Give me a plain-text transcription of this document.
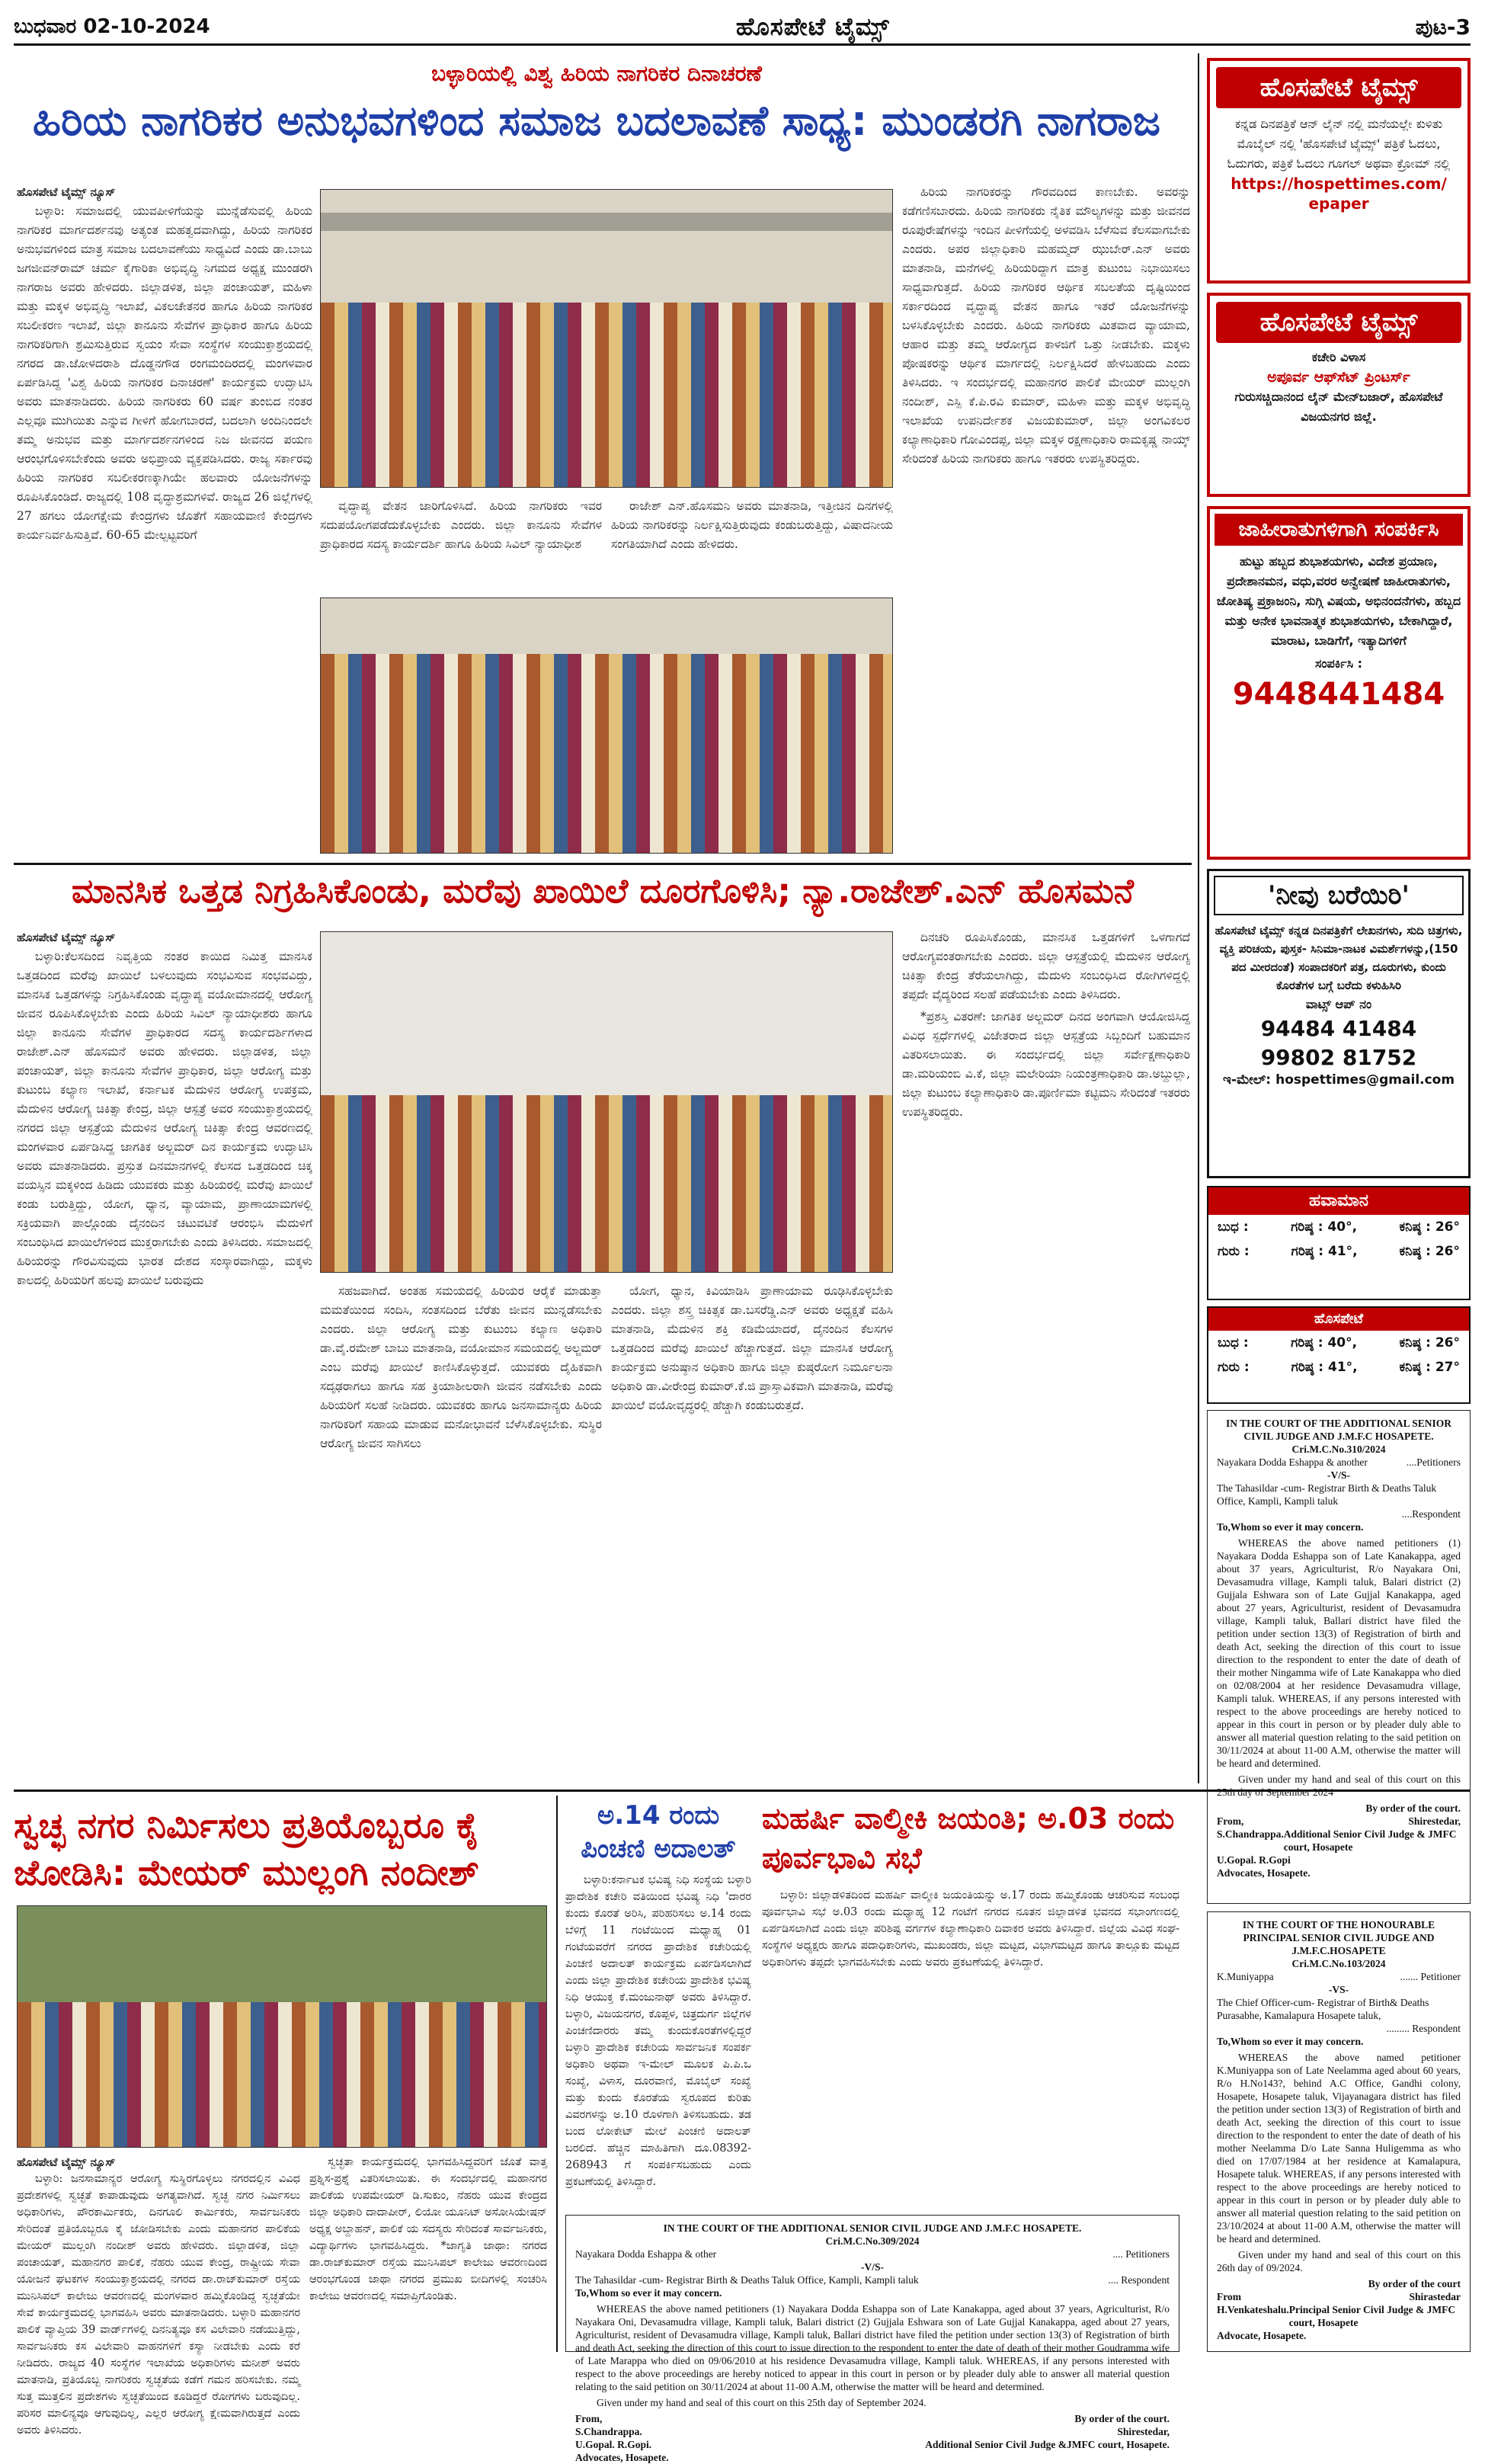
ಬುಧವಾರ 02-10-2024	ಹೊಸಪೇಟೆ ಟೈಮ್ಸ್	ಪುಟ-3
ಬಳ್ಳಾರಿಯಲ್ಲಿ ವಿಶ್ವ ಹಿರಿಯ ನಾಗರಿಕರ ದಿನಾಚರಣೆ
ಹಿರಿಯ ನಾಗರಿಕರ ಅನುಭವಗಳಿಂದ ಸಮಾಜ ಬದಲಾವಣೆ ಸಾಧ್ಯ: ಮುಂಡರಗಿ ನಾಗರಾಜ
ಹೊಸಪೇಟೆ ಟೈಮ್ಸ್ ನ್ಯೂಸ್

ಬಳ್ಳಾರಿ: ಸಮಾಜದಲ್ಲಿ ಯುವಪೀಳಿಗೆಯನ್ನು ಮುನ್ನೆಡೆಸುವಲ್ಲಿ ಹಿರಿಯ ನಾಗರಿಕರ ಮಾರ್ಗದರ್ಶನವು ಅತ್ಯಂತ ಮಹತ್ವದವಾಗಿದ್ದು, ಹಿರಿಯ ನಾಗರಿಕರ ಅನುಭವಗಳಿಂದ ಮಾತ್ರ ಸಮಾಜ ಬದಲಾವಣೆಯು ಸಾಧ್ಯವಿದೆ ಎಂದು ಡಾ.ಬಾಬು ಜಗಜೀವನ್‍ರಾಮ್ ಚರ್ಮ ಕೈಗಾರಿಕಾ ಅಭಿವೃದ್ಧಿ ನಿಗಮದ ಅಧ್ಯಕ್ಷ ಮುಂಡರಗಿ ನಾಗರಾಜ ಅವರು ಹೇಳಿದರು. ಜಿಲ್ಲಾಡಳಿತ, ಜಿಲ್ಲಾ ಪಂಚಾಯತ್, ಮಹಿಳಾ ಮತ್ತು ಮಕ್ಕಳ ಅಭಿವೃದ್ಧಿ ಇಲಾಖೆ, ವಿಕಲಚೇತನರ ಹಾಗೂ ಹಿರಿಯ ನಾಗರಿಕರ ಸಬಲೀಕರಣ ಇಲಾಖೆ, ಜಿಲ್ಲಾ ಕಾನೂನು ಸೇವೆಗಳ ಪ್ರಾಧಿಕಾರ ಹಾಗೂ ಹಿರಿಯ ನಾಗರಿಕರಿಗಾಗಿ ಶ್ರಮಿಸುತ್ತಿರುವ ಸ್ವಯಂ ಸೇವಾ ಸಂಸ್ಥೆಗಳ ಸಂಯುಕ್ತಾಶ್ರಯದಲ್ಲಿ ನಗರದ ಡಾ.ಜೋಳದರಾಶಿ ದೊಡ್ಡನಗೌಡ ರಂಗಮಂದಿರದಲ್ಲಿ ಮಂಗಳವಾರ ಏರ್ಪಡಿಸಿದ್ದ 'ವಿಶ್ವ ಹಿರಿಯ ನಾಗರಿಕರ ದಿನಾಚರಣೆ' ಕಾರ್ಯಕ್ರಮ ಉದ್ಘಾಟಿಸಿ ಅವರು ಮಾತನಾಡಿದರು. ಹಿರಿಯ ನಾಗರಿಕರು 60 ವರ್ಷ ತುಂಬಿದ ನಂತರ ಎಲ್ಲವೂ ಮುಗಿಯಿತು ಎನ್ನುವ ಗೀಳಿಗೆ ಹೋಗಬಾರದೆ, ಬದಲಾಗಿ ಅಂದಿನಿಂದಲೇ ತಮ್ಮ ಅನುಭವ ಮತ್ತು ಮಾರ್ಗದರ್ಶನಗಳಿಂದ ನಿಜ ಜೀವನದ ಪಯಣ ಆರಂಭಗೊಳಿಸಬೇಕೆಂದು ಅವರು ಅಭಿಪ್ರಾಯ ವ್ಯಕ್ತಪಡಿಸಿದರು. ರಾಜ್ಯ ಸರ್ಕಾರವು ಹಿರಿಯ ನಾಗರಿಕರ ಸಬಲೀಕರಣಕ್ಕಾಗಿಯೇ ಹಲವಾರು ಯೋಜನೆಗಳನ್ನು ರೂಪಿಸಿಕೊಂಡಿದೆ. ರಾಜ್ಯದಲ್ಲಿ 108 ವೃದ್ಧಾಶ್ರಮಗಳಿವೆ. ರಾಜ್ಯದ 26 ಜಿಲ್ಲೆಗಳಲ್ಲಿ 27 ಹಗಲು ಯೋಗಕ್ಷೇಮ ಕೇಂದ್ರಗಳು ಜೊತೆಗೆ ಸಹಾಯವಾಣಿ ಕೇಂದ್ರಗಳು ಕಾರ್ಯನಿರ್ವಹಿಸುತ್ತಿವೆ. 60-65 ಮೇಲ್ಪಟ್ಟವರಿಗೆ

ವೃದ್ಧಾಪ್ಯ ವೇತನ ಜಾರಿಗೊಳಿಸಿದೆ. ಹಿರಿಯ ನಾಗರಿಕರು ಇವರ ಸದುಪಯೋಗಪಡೆದುಕೊಳ್ಳಬೇಕು ಎಂದರು. ಜಿಲ್ಲಾ ಕಾನೂನು ಸೇವೆಗಳ ಪ್ರಾಧಿಕಾರದ ಸದಸ್ಯ ಕಾರ್ಯದರ್ಶಿ ಹಾಗೂ ಹಿರಿಯ ಸಿವಿಲ್ ನ್ಯಾಯಾಧೀಶ

ರಾಜೇಶ್ ಎನ್.ಹೊಸಮನಿ ಅವರು ಮಾತನಾಡಿ, ಇತ್ತೀಚಿನ ದಿನಗಳಲ್ಲಿ ಹಿರಿಯ ನಾಗರಿಕರನ್ನು ನಿರ್ಲಕ್ಷಿಸುತ್ತಿರುವುದು ಕಂಡುಬರುತ್ತಿದ್ದು, ವಿಷಾದನೀಯ ಸಂಗತಿಯಾಗಿದೆ ಎಂದು ಹೇಳಿದರು.

ಹಿರಿಯ ನಾಗರಿಕರನ್ನು ಗೌರವದಿಂದ ಕಾಣಬೇಕು. ಅವರನ್ನು ಕಡೆಗಣಿಸಬಾರದು. ಹಿರಿಯ ನಾಗರಿಕರು ನೈತಿಕ ಮೌಲ್ಯಗಳನ್ನು ಮತ್ತು ಜೀವನದ ರೂಪುರೇಷೆಗಳನ್ನು ಇಂದಿನ ಪೀಳಿಗೆಯಲ್ಲಿ ಅಳವಡಿಸಿ ಬೆಳೆಸುವ ಕೆಲಸವಾಗಬೇಕು ಎಂದರು. ಅಪರ ಜಿಲ್ಲಾಧಿಕಾರಿ ಮಹಮ್ಮದ್ ಝುಬೇರ್.ಎನ್ ಅವರು ಮಾತನಾಡಿ, ಮನೆಗಳಲ್ಲಿ ಹಿರಿಯರಿದ್ದಾಗ ಮಾತ್ರ ಕುಟುಂಬ ನಿಭಾಯಿಸಲು ಸಾಧ್ಯವಾಗುತ್ತದೆ. ಹಿರಿಯ ನಾಗರಿಕರ ಆರ್ಥಿಕ ಸಬಲತೆಯ ದೃಷ್ಟಿಯಿಂದ ಸರ್ಕಾರದಿಂದ ವೃದ್ಧಾಪ್ಯ ವೇತನ ಹಾಗೂ ಇತರೆ ಯೋಜನೆಗಳನ್ನು ಬಳಸಿಕೊಳ್ಳಬೇಕು ಎಂದರು. ಹಿರಿಯ ನಾಗರಿಕರು ಮಿತವಾದ ವ್ಯಾಯಾಮ, ಆಹಾರ ಮತ್ತು ತಮ್ಮ ಆರೋಗ್ಯದ ಕಾಳಜಿಗೆ ಒತ್ತು ನೀಡಬೇಕು. ಮಕ್ಕಳು ಪೋಷಕರನ್ನು ಆರ್ಥಿಕ ಮಾರ್ಗದಲ್ಲಿ ನಿರ್ಲಕ್ಷಿಸಿದರೆ ಹೇಳಬಹುದು ಎಂದು ತಿಳಿಸಿದರು. ಇ ಸಂದರ್ಭದಲ್ಲಿ ಮಹಾನಗರ ಪಾಲಿಕೆ ಮೇಯರ್ ಮುಲ್ಲಂಗಿ ನಂದೀಶ್, ಎಸ್ಪಿ ಕೆ.ಪಿ.ರವಿ ಕುಮಾರ್, ಮಹಿಳಾ ಮತ್ತು ಮಕ್ಕಳ ಅಭಿವೃದ್ಧಿ ಇಲಾಖೆಯ ಉಪನಿರ್ದೇಶಕ ವಿಜಯಕುಮಾರ್, ಜಿಲ್ಲಾ ಅಂಗವಿಕಲರ ಕಲ್ಯಾಣಾಧಿಕಾರಿ ಗೋವಿಂದಪ್ಪ, ಜಿಲ್ಲಾ ಮಕ್ಕಳ ರಕ್ಷಣಾಧಿಕಾರಿ ರಾಮಕೃಷ್ಣ ನಾಯ್ಕ್ ಸೇರಿದಂತೆ ಹಿರಿಯ ನಾಗರಿಕರು ಹಾಗೂ ಇತರರು ಉಪಸ್ಥಿತರಿದ್ದರು.

ಮಾನಸಿಕ ಒತ್ತಡ ನಿಗ್ರಹಿಸಿಕೊಂಡು, ಮರೆವು ಖಾಯಿಲೆ ದೂರಗೊಳಿಸಿ; ನ್ಯಾ.ರಾಜೇಶ್.ಎನ್ ಹೊಸಮನೆ
ಹೊಸಪೇಟೆ ಟೈಮ್ಸ್ ನ್ಯೂಸ್

ಬಳ್ಳಾರಿ:ಕೆಲಸದಿಂದ ನಿವೃತ್ತಿಯ ನಂತರ ಕಾಯಿದ ನಿಮಿತ್ತ ಮಾನಸಿಕ ಒತ್ತಡದಿಂದ ಮರೆವು ಖಾಯಿಲೆ ಬಳಲುವುದು ಸಂಭವಿಸುವ ಸಂಭವವಿದ್ದು, ಮಾನಸಿಕ ಒತ್ತಡಗಳನ್ನು ನಿಗ್ರಹಿಸಿಕೊಂಡು ವೃದ್ಧಾಪ್ಯ ವಯೋಮಾನದಲ್ಲಿ ಆರೋಗ್ಯ ಜೀವನ ರೂಪಿಸಿಕೊಳ್ಳಬೇಕು ಎಂದು ಹಿರಿಯ ಸಿವಿಲ್ ನ್ಯಾಯಾಧೀಶರು ಹಾಗೂ ಜಿಲ್ಲಾ ಕಾನೂನು ಸೇವೆಗಳ ಪ್ರಾಧಿಕಾರದ ಸದಸ್ಯ ಕಾರ್ಯದರ್ಶಿಗಳಾದ ರಾಜೇಶ್.ಎನ್ ಹೊಸಮನೆ ಅವರು ಹೇಳಿದರು. ಜಿಲ್ಲಾಡಳಿತ, ಜಿಲ್ಲಾ ಪಂಚಾಯತ್, ಜಿಲ್ಲಾ ಕಾನೂನು ಸೇವೆಗಳ ಪ್ರಾಧಿಕಾರ, ಜಿಲ್ಲಾ ಆರೋಗ್ಯ ಮತ್ತು ಕುಟುಂಬ ಕಲ್ಯಾಣ ಇಲಾಖೆ, ಕರ್ನಾಟಕ ಮೆದುಳಿನ ಆರೋಗ್ಯ ಉಪಕ್ರಮ, ಮೆದುಳಿನ ಆರೋಗ್ಯ ಚಿಕಿತ್ಸಾ ಕೇಂದ್ರ, ಜಿಲ್ಲಾ ಆಸ್ಪತ್ರೆ ಅವರ ಸಂಯುಕ್ತಾಶ್ರಯದಲ್ಲಿ ನಗರದ ಜಿಲ್ಲಾ ಆಸ್ಪತ್ರೆಯ ಮೆದುಳಿನ ಆರೋಗ್ಯ ಚಿಕಿತ್ಸಾ ಕೇಂದ್ರ ಆವರಣದಲ್ಲಿ ಮಂಗಳವಾರ ಏರ್ಪಡಿಸಿದ್ದ ಜಾಗತಿಕ ಅಲ್ಜಮರ್ ದಿನ ಕಾರ್ಯಕ್ರಮ ಉದ್ಘಾಟಿಸಿ ಅವರು ಮಾತನಾಡಿದರು. ಪ್ರಸ್ತುತ ದಿನಮಾನಗಳಲ್ಲಿ ಕೆಲಸದ ಒತ್ತಡದಿಂದ ಚಿಕ್ಕ ವಯಸ್ಸಿನ ಮಕ್ಕಳಿಂದ ಹಿಡಿದು ಯುವಕರು ಮತ್ತು ಹಿರಿಯರಲ್ಲಿ ಮರೆವು ಖಾಯಿಲೆ ಕಂಡು ಬರುತ್ತಿದ್ದು, ಯೋಗ, ಧ್ಯಾನ, ವ್ಯಾಯಾಮ, ಪ್ರಾಣಾಯಾಮಗಳಲ್ಲಿ ಸಕ್ರಿಯವಾಗಿ ಪಾಲ್ಗೊಂಡು ದೈನಂದಿನ ಚಟುವಟಿಕೆ ಆರಂಭಿಸಿ ಮೆದುಳಿಗೆ ಸಂಬಂಧಿಸಿದ ಖಾಯಿಲೆಗಳಿಂದ ಮುಕ್ತರಾಗಬೇಕು ಎಂದು ತಿಳಿಸಿದರು. ಸಮಾಜದಲ್ಲಿ ಹಿರಿಯರನ್ನು ಗೌರವಿಸುವುದು ಭಾರತ ದೇಶದ ಸಂಸ್ಕಾರವಾಗಿದ್ದು, ಮಕ್ಕಳು ಕಾಲದಲ್ಲಿ ಹಿರಿಯರಿಗೆ ಹಲವು ಖಾಯಿಲೆ ಬರುವುದು

ಸಹಜವಾಗಿದೆ. ಅಂತಹ ಸಮಯದಲ್ಲಿ ಹಿರಿಯರ ಆರೈಕೆ ಮಾಡುತ್ತಾ ಮಮತೆಯಿಂದ ಸಂದಿಸಿ, ಸಂತಸದಿಂದ ಬೆರೆತು ಜೀವನ ಮುನ್ನಡೆಸಬೇಕು ಎಂದರು. ಜಿಲ್ಲಾ ಆರೋಗ್ಯ ಮತ್ತು ಕುಟುಂಬ ಕಲ್ಯಾಣ ಅಧಿಕಾರಿ ಡಾ.ವೈ.ರಮೇಶ್ ಬಾಬು ಮಾತನಾಡಿ, ವಯೋಮಾನ ಸಮಯದಲ್ಲಿ ಅಲ್ಜಮರ್ ಎಂಬ ಮರೆವು ಖಾಯಿಲೆ ಕಾಣಿಸಿಕೊಳ್ಳುತ್ತದೆ. ಯುವಕರು ದೈಹಿಕವಾಗಿ ಸದೃಢರಾಗಲು ಹಾಗೂ ಸಹ ಕ್ರಿಯಾಶೀಲರಾಗಿ ಜೀವನ ನಡೆಸಬೇಕು ಎಂದು ಹಿರಿಯರಿಗೆ ಸಲಹೆ ನೀಡಿದರು. ಯುವಕರು ಹಾಗೂ ಜನಸಾಮಾನ್ಯರು ಹಿರಿಯ ನಾಗರಿಕರಿಗೆ ಸಹಾಯ ಮಾಡುವ ಮನೋಭಾವನೆ ಬೆಳೆಸಿಕೊಳ್ಳಬೇಕು. ಸುಸ್ಥಿರ ಆರೋಗ್ಯ ಜೀವನ ಸಾಗಿಸಲು

ಯೋಗ, ಧ್ಯಾನ, ಕಿವಿಯಾಡಿಸಿ ಪ್ರಾಣಾಯಾಮ ರೂಢಿಸಿಕೊಳ್ಳಬೇಕು ಎಂದರು. ಜಿಲ್ಲಾ ಶಸ್ತ್ರ ಚಿಕಿತ್ಸಕ ಡಾ.ಬಸರೆಡ್ಡಿ.ಎನ್ ಅವರು ಅಧ್ಯಕ್ಷತೆ ವಹಿಸಿ ಮಾತನಾಡಿ, ಮೆದುಳಿನ ಶಕ್ತಿ ಕಡಿಮೆಯಾದರೆ, ದೈನಂದಿನ ಕೆಲಸಗಳ ಒತ್ತಡದಿಂದ ಮರೆವು ಖಾಯಿಲೆ ಹೆಚ್ಚಾಗುತ್ತದೆ. ಜಿಲ್ಲಾ ಮಾನಸಿಕ ಆರೋಗ್ಯ ಕಾರ್ಯಕ್ರಮ ಅನುಷ್ಠಾನ ಅಧಿಕಾರಿ ಹಾಗೂ ಜಿಲ್ಲಾ ಕುಷ್ಠರೋಗ ನಿರ್ಮೂಲನಾ ಅಧಿಕಾರಿ ಡಾ.ವೀರೇಂದ್ರ ಕುಮಾರ್.ಕೆ.ಜಿ ಪ್ರಾಸ್ತಾವಿಕವಾಗಿ ಮಾತನಾಡಿ, ಮರೆವು ಖಾಯಿಲೆ ವಯೋವೃದ್ಧರಲ್ಲಿ ಹೆಚ್ಚಾಗಿ ಕಂಡುಬರುತ್ತದೆ.

ದಿನಚರಿ ರೂಪಿಸಿಕೊಂಡು, ಮಾನಸಿಕ ಒತ್ತಡಗಳಿಗೆ ಒಳಗಾಗದೆ ಆರೋಗ್ಯವಂತರಾಗಬೇಕು ಎಂದರು. ಜಿಲ್ಲಾ ಆಸ್ಪತ್ರೆಯಲ್ಲಿ ಮೆದುಳಿನ ಆರೋಗ್ಯ ಚಿಕಿತ್ಸಾ ಕೇಂದ್ರ ತೆರೆಯಲಾಗಿದ್ದು, ಮೆದುಳು ಸಂಬಂಧಿಸಿದ ರೋಗಿಗಳಿದ್ದಲ್ಲಿ ತಪ್ಪದೇ ವೈದ್ಯರಿಂದ ಸಲಹೆ ಪಡೆಯಬೇಕು ಎಂದು ತಿಳಿಸಿದರು.

*ಪ್ರಶಸ್ತಿ ವಿತರಣೆ: ಜಾಗತಿಕ ಅಲ್ಜಮರ್ ದಿನದ ಅಂಗವಾಗಿ ಆಯೋಜಿಸಿದ್ದ ವಿವಿಧ ಸ್ಪರ್ಧೆಗಳಲ್ಲಿ ವಿಜೇತರಾದ ಜಿಲ್ಲಾ ಆಸ್ಪತ್ರೆಯ ಸಿಬ್ಬಂದಿಗೆ ಬಹುಮಾನ ವಿತರಿಸಲಾಯಿತು. ಈ ಸಂದರ್ಭದಲ್ಲಿ ಜಿಲ್ಲಾ ಸರ್ವೇಕ್ಷಣಾಧಿಕಾರಿ ಡಾ.ಮರಿಯಂಬಿ ವಿ.ಕೆ, ಜಿಲ್ಲಾ ಮಲೇರಿಯಾ ನಿಯಂತ್ರಣಾಧಿಕಾರಿ ಡಾ.ಅಬ್ದುಲ್ಲಾ, ಜಿಲ್ಲಾ ಕುಟುಂಬ ಕಲ್ಯಾಣಾಧಿಕಾರಿ ಡಾ.ಪೂರ್ಣಿಮಾ ಕಟ್ಟಿಮನಿ ಸೇರಿದಂತೆ ಇತರರು ಉಪಸ್ಥಿತರಿದ್ದರು.

ಸ್ವಚ್ಛ ನಗರ ನಿರ್ಮಿಸಲು ಪ್ರತಿಯೊಬ್ಬರೂ ಕೈ ಜೋಡಿಸಿ: ಮೇಯರ್ ಮುಲ್ಲಂಗಿ ನಂದೀಶ್
ಹೊಸಪೇಟೆ ಟೈಮ್ಸ್ ನ್ಯೂಸ್

ಬಳ್ಳಾರಿ: ಜನಸಾಮಾನ್ಯರ ಆರೋಗ್ಯ ಸುಸ್ಥಿರಗೊಳ್ಳಲು ನಗರದಲ್ಲಿನ ವಿವಿಧ ಪ್ರದೇಶಗಳಲ್ಲಿ ಸ್ವಚ್ಛತೆ ಕಾಪಾಡುವುದು ಅಗತ್ಯವಾಗಿದೆ. ಸ್ವಚ್ಛ ನಗರ ನಿರ್ಮಿಸಲು ಅಧಿಕಾರಿಗಳು, ಪೌರಕಾರ್ಮಿಕರು, ದಿನಗೂಲಿ ಕಾರ್ಮಿಕರು, ಸಾರ್ವಜನಿಕರು ಸೇರಿದಂತೆ ಪ್ರತಿಯೊಬ್ಬರೂ ಕೈ ಜೋಡಿಸಬೇಕು ಎಂದು ಮಹಾನಗರ ಪಾಲಿಕೆಯ ಮೇಯರ್ ಮುಲ್ಲಂಗಿ ನಂದೀಶ್ ಅವರು ಹೇಳಿದರು. ಜಿಲ್ಲಾಡಳಿತ, ಜಿಲ್ಲಾ ಪಂಚಾಯತ್, ಮಹಾನಗರ ಪಾಲಿಕೆ, ನೆಹರು ಯುವ ಕೇಂದ್ರ, ರಾಷ್ಟ್ರೀಯ ಸೇವಾ ಯೋಜನೆ ಘಟಕಗಳ ಸಂಯುಕ್ತಾಶ್ರಯದಲ್ಲಿ ನಗರದ ಡಾ.ರಾಜ್‍ಕುಮಾರ್ ರಸ್ತೆಯ ಮುನಿಸಿಪಲ್ ಕಾಲೇಜು ಆವರಣದಲ್ಲಿ ಮಂಗಳವಾರ ಹಮ್ಮಿಕೊಂಡಿದ್ದ ಸ್ವಚ್ಛತೆಯೇ ಸೇವೆ ಕಾರ್ಯಕ್ರಮದಲ್ಲಿ ಭಾಗವಹಿಸಿ ಅವರು ಮಾತನಾಡಿದರು. ಬಳ್ಳಾರಿ ಮಹಾನಗರ ಪಾಲಿಕೆ ವ್ಯಾಪ್ತಿಯ 39 ವಾರ್ಡ್‍ಗಳಲ್ಲಿ ದಿನನಿತ್ಯವೂ ಕಸ ವಿಲೇವಾರಿ ನಡೆಯುತ್ತಿದ್ದು, ಸಾರ್ವಜನಿಕರು ಕಸ ವಿಲೇವಾರಿ ವಾಹನಗಳಿಗೆ ಕಸ್ಯಾ ನೀಡಬೇಕು ಎಂದು ಕರೆ ನೀಡಿದರು. ರಾಜ್ಯದ 40 ಸಂಸ್ಥೆಗಳ ಇಲಾಖೆಯ ಅಧಿಕಾರಿಗಳು ಮನೀಶ್ ಅವರು ಮಾತನಾಡಿ, ಪ್ರತಿಯೊಬ್ಬ ನಾಗರಿಕರು ಸ್ವಚ್ಛತೆಯ ಕಡೆಗೆ ಗಮನ ಹರಿಸಬೇಕು. ನಮ್ಮ ಸುತ್ತ ಮುತ್ತಲಿನ ಪ್ರದೇಶಗಳು ಸ್ವಚ್ಛತೆಯಿಂದ ಕೂಡಿದ್ದರೆ ರೋಗಗಳು ಬರುವುದಿಲ್ಲ. ಪರಿಸರ ಮಾಲಿನ್ಯವೂ ಆಗುವುದಿಲ್ಲ, ಎಲ್ಲರ ಆರೋಗ್ಯ ಕ್ಷೇಮವಾಗಿರುತ್ತದೆ ಎಂದು ಅವರು ತಿಳಿಸಿದರು.

ಸ್ವಚ್ಛತಾ ಕಾರ್ಯಕ್ರಮದಲ್ಲಿ ಭಾಗವಹಿಸಿದ್ದವರಿಗೆ ಜೊತೆ ವಾತ್ತ ಪ್ರಶ್ನಿಸ-ಪ್ರಶ್ನೆ ವಿತರಿಸಲಾಯಿತು. ಈ ಸಂದರ್ಭದಲ್ಲಿ ಮಹಾನಗರ ಪಾಲಿಕೆಯ ಉಪಮೇಯರ್ ಡಿ.ಸುಕುಂ, ನೆಹರು ಯುವ ಕೇಂದ್ರದ ಜಿಲ್ಲಾ ಅಧಿಕಾರಿ ದಾದಾಪೀರ್, ಲಿಯೋ ಯೂನಿಟ್ ಅಸೋಸಿಯೇಷನ್ ಅಧ್ಯಕ್ಷ ಅಬ್ದಾಹನ್, ಪಾಲಿಕೆ ಯ ಸದಸ್ಯರು ಸೇರಿದಂತೆ ಸಾರ್ವಜನಿಕರು, ವಿದ್ಯಾರ್ಥಿಗಳು ಭಾಗವಹಿಸಿದ್ದರು. *ಜಾಗೃತಿ ಜಾಥಾ: ನಗರದ ಡಾ.ರಾಜ್‍ಕುಮಾರ್ ರಸ್ತೆಯ ಮುನಿಸಿಪಲ್ ಕಾಲೇಜು ಆವರಣದಿಂದ ಆರಂಭಗೊಂಡ ಜಾಥಾ ನಗರದ ಪ್ರಮುಖ ಬೀದಿಗಳಲ್ಲಿ ಸಂಚರಿಸಿ ಕಾಲೇಜು ಆವರಣದಲ್ಲಿ ಸಮಾಪ್ತಿಗೊಂಡಿತು.

ಅ.14 ರಂದು ಪಿಂಚಣಿ ಅದಾಲತ್

ಬಳ್ಳಾರಿ:ಕರ್ನಾಟಕ ಭವಿಷ್ಯ ನಿಧಿ ಸಂಸ್ಥೆಯ ಬಳ್ಳಾರಿ ಪ್ರಾದೇಶಿಕ ಕಚೇರಿ ವತಿಯಿಂದ ಭವಿಷ್ಯ ನಿಧಿ 'ದಾರರ ಕುಂದು ಕೊರತೆ ಅರಿಸಿ, ಪರಿಹರಿಸಲು ಅ.14 ರಂದು ಬೆಳಿಗ್ಗೆ 11 ಗಂಟೆಯಿಂದ ಮಧ್ಯಾಹ್ನ 01 ಗಂಟೆಯವರೆಗೆ ನಗರದ ಪ್ರಾದೇಶಿಕ ಕಚೇರಿಯಲ್ಲಿ ಪಿಂಚಣಿ ಅದಾಲತ್ ಕಾರ್ಯಕ್ರಮ ಏರ್ಪಡಿಸಲಾಗಿದೆ ಎಂದು ಜಿಲ್ಲಾ ಪ್ರಾದೇಶಿಕ ಕಚೇರಿಯ ಪ್ರಾದೇಶಿಕ ಭವಿಷ್ಯ ನಿಧಿ ಆಯುಕ್ತ ಕೆ.ಮಂಜುನಾಥ್ ಅವರು ತಿಳಿಸಿದ್ದಾರೆ. ಬಳ್ಳಾರಿ, ವಿಜಯನಗರ, ಕೊಪ್ಪಳ, ಚಿತ್ರದುರ್ಗ ಜಿಲ್ಲೆಗಳ ಪಿಂಚಣಿದಾರರು ತಮ್ಮ ಕುಂದುಕೊರತೆಗಳಲ್ಲಿದ್ದರೆ ಬಳ್ಳಾರಿ ಪ್ರಾದೇಶಿಕ ಕಚೇರಿಯ ಸಾರ್ವಜನಿಕ ಸಂಪರ್ಕ ಅಧಿಕಾರಿ ಅಥವಾ ಇ-ಮೇಲ್ ಮೂಲಕ ಪಿ.ಪಿ.ಒ ಸಂಖ್ಯೆ, ವಿಳಾಸ, ದೂರವಾಣಿ, ಮೊಬೈಲ್ ಸಂಖ್ಯೆ ಮತ್ತು ಕುಂದು ಕೊರತೆಯ ಸ್ವರೂಪದ ಕುರಿತು ವಿವರಗಳನ್ನು ಅ.10 ರೊಳಗಾಗಿ ತಿಳಿಸಬಹುದು. ತಡ ಬಂದ ಲೋಕೇಟ್ ಮೇಲೆ ಪಿಂಚಣಿ ಅದಾಲತ್ ಬರಲಿದೆ. ಹೆಚ್ಚಿನ ಮಾಹಿತಿಗಾಗಿ ದೂ.08392-268943 ಗೆ ಸಂಪರ್ಕಿಸಬಹುದು ಎಂದು ಪ್ರಕಟಣೆಯಲ್ಲಿ ತಿಳಿಸಿದ್ದಾರೆ.

ಮಹರ್ಷಿ ವಾಲ್ಮೀಕಿ ಜಯಂತಿ; ಅ.03 ರಂದು ಪೂರ್ವಭಾವಿ ಸಭೆ

ಬಳ್ಳಾರಿ: ಜಿಲ್ಲಾಡಳಿತದಿಂದ ಮಹರ್ಷಿ ವಾಲ್ಮೀಕಿ ಜಯಂತಿಯನ್ನು ಅ.17 ರಂದು ಹಮ್ಮಿಕೊಂಡು ಆಚರಿಸುವ ಸಂಬಂಧ ಪೂರ್ವಭಾವಿ ಸಭೆ ಅ.03 ರಂದು ಮಧ್ಯಾಹ್ನ 12 ಗಂಟೆಗೆ ನಗರದ ನೂತನ ಜಿಲ್ಲಾಡಳಿತ ಭವನದ ಸಭಾಂಗಣದಲ್ಲಿ ಏರ್ಪಡಿಸಲಾಗಿದೆ ಎಂದು ಜಿಲ್ಲಾ ಪರಿಶಿಷ್ಟ ವರ್ಗಗಳ ಕಲ್ಯಾಣಾಧಿಕಾರಿ ದಿವಾಕರ ಅವರು ತಿಳಿಸಿದ್ದಾರೆ. ಜಿಲ್ಲೆಯ ವಿವಿಧ ಸಂಘ-ಸಂಸ್ಥೆಗಳ ಅಧ್ಯಕ್ಷರು ಹಾಗೂ ಪದಾಧಿಕಾರಿಗಳು, ಮುಖಂಡರು, ಜಿಲ್ಲಾ ಮಟ್ಟದ, ವಿಭಾಗಮಟ್ಟದ ಹಾಗೂ ತಾಲ್ಲೂಕು ಮಟ್ಟದ ಅಧಿಕಾರಿಗಳು ತಪ್ಪದೇ ಭಾಗವಹಿಸಬೇಕು ಎಂದು ಅವರು ಪ್ರಕಟಣೆಯಲ್ಲಿ ತಿಳಿಸಿದ್ದಾರೆ.

IN THE COURT OF THE ADDITIONAL SENIOR CIVIL JUDGE AND J.M.F.C HOSAPETE.
Cri.M.C.No.309/2024
Nayakara Dodda Eshappa & other	.... Petitioners
-V/S-
The Tahasildar -cum- Registrar Birth & Deaths Taluk Office, Kampli, Kampli taluk	.... Respondent
To,Whom so ever it may concern.

WHEREAS the above named petitioners (1) Nayakara Dodda Eshappa son of Late Kanakappa, aged about 37 years, Agriculturist, R/o Nayakara Oni, Devasamudra village, Kampli taluk, Balari district (2) Gujjala Eshwara son of Late Gujjal Kanakappa, aged about 27 years, Agriculturist, resident of Devasamudra village, Kampli taluk, Ballari district have filed the petition under section 13(3) of Registration of birth and death Act, seeking the direction of this court to issue direction to the respondent to enter the date of death of their mother Goudramma wife of Late Marappa who died on 09/06/2010 at his residence Devasamudra village, Kampli taluk. WHEREAS, if any persons interested with respect to the above proceedings are hereby noticed to appear in this court in person or by pleader duly able to answer all material question relating to the said petition on 30/11/2024 at about 11-00 A.M, otherwise the matter will be heard and determined.

Given under my hand and seal of this court on this 25th day of September 2024.

From,	By order of the court.
S.Chandrappa.	Shirestedar,
U.Gopal. R.Gopi.	Additional Senior Civil Judge &JMFC court, Hosapete.
Advocates, Hosapete.
ಹೊಸಪೇಟೆ ಟೈಮ್ಸ್
ಕನ್ನಡ ದಿನಪತ್ರಿಕೆ ಆನ್ ಲೈನ್ ನಲ್ಲಿ ಮನೆಯಲ್ಲೇ ಕುಳಿತು ಮೊಬೈಲ್ ನಲ್ಲಿ 'ಹೊಸಪೇಟೆ ಟೈಮ್ಸ್' ಪತ್ರಿಕೆ ಓದಲು, ಓದುಗರು, ಪತ್ರಿಕೆ ಓದಲು ಗೂಗಲ್ ಅಥವಾ ಕ್ರೋಮ್ ನಲ್ಲಿ
https://hospettimes.com/
epaper
ಹೊಸಪೇಟೆ ಟೈಮ್ಸ್
ಕಚೇರಿ ವಿಳಾಸ
ಅಪೂರ್ವ ಆಫ್‍ಸೆಟ್ ಪ್ರಿಂಟರ್ಸ್
ಗುರುಸಚ್ಚಿದಾನಂದ ಲೈನ್ ಮೇನ್‍ಬಜಾರ್, ಹೊಸಪೇಟೆ
ವಿಜಯನಗರ ಜಿಲ್ಲೆ.
ಜಾಹೀರಾತುಗಳಿಗಾಗಿ ಸಂಪರ್ಕಿಸಿ
ಹುಟ್ಟು ಹಬ್ಬದ ಶುಭಾಶಯಗಳು, ವಿದೇಶ ಪ್ರಯಾಣ, ಪ್ರದೇಶಾನಮನ, ವಧು,ವರರ ಅನ್ವೇಷಣೆ ಜಾಹೀರಾತುಗಳು, ಜೋತಿಷ್ಯ ಪ್ರಕ್ರಾಜಂನಿ, ಸುಗ್ಗಿ ವಿಷಯ, ಅಭಿನಂದನೆಗಳು, ಹಬ್ಬದ ಮತ್ತು ಅನೇಕ ಭಾವನಾತ್ಮಕ ಶುಭಾಶಯಗಳು, ಬೇಕಾಗಿದ್ದಾರೆ, ಮಾರಾಟ, ಬಾಡಿಗೆಗೆ, ಇತ್ಯಾದಿಗಳಿಗೆ
ಸಂಪರ್ಕಿಸಿ :
9448441484
'ನೀವು ಬರೆಯಿರಿ'
ಹೊಸಪೇಟೆ ಟೈಮ್ಸ್ ಕನ್ನಡ ದಿನಪತ್ರಿಕೆಗೆ ಲೇಖನಗಳು, ಸುದಿ ಚಿತ್ರಗಳು, ವ್ಯಕ್ತಿ ಪರಿಚಯ, ಪುಸ್ತಕ- ಸಿನಿಮಾ-ನಾಟಕ ವಿಮರ್ಶೆಗಳನ್ನು,(150 ಪದ ಮೀರದಂತೆ) ಸಂಪಾದಕರಿಗೆ ಪತ್ರ, ದೂರುಗಳು, ಕುಂದು ಕೊರತೆಗಳ ಬಗ್ಗೆ ಬರೆದು ಕಳುಹಿಸಿರಿ
ವಾಟ್ಸ್ ಆಪ್ ನಂ
94484 41484
99802 81752
ಇ-ಮೇಲ್: hospettimes@gmail.com
ಹವಾಮಾನ
ಬುಧ :	ಗರಿಷ್ಠ : 40°,	ಕನಿಷ್ಠ : 26°
ಗುರು :	ಗರಿಷ್ಠ : 41°,	ಕನಿಷ್ಠ : 26°
ಹೊಸಪೇಟೆ
ಬುಧ :	ಗರಿಷ್ಠ : 40°,	ಕನಿಷ್ಠ : 26°
ಗುರು :	ಗರಿಷ್ಠ : 41°,	ಕನಿಷ್ಠ : 27°
IN THE COURT OF THE ADDITIONAL SENIOR CIVIL JUDGE AND J.M.F.C HOSAPETE.
Cri.M.C.No.310/2024
Nayakara Dodda Eshappa & another	....Petitioners
-V/S-
The Tahasildar -cum- Registrar Birth & Deaths Taluk Office, Kampli, Kampli taluk
....Respondent
To,Whom so ever it may concern.

WHEREAS the above named petitioners (1) Nayakara Dodda Eshappa son of Late Kanakappa, aged about 37 years, Agriculturist, R/o Nayakara Oni, Devasamudra village, Kampli taluk, Balari district (2) Gujjala Eshwara son of Late Gujjal Kanakappa, aged about 27 years, Agriculturist, resident of Devasamudra village, Kampli taluk, Ballari district have filed the petition under section 13(3) of Registration of birth and death Act, seeking the direction of this court to issue direction to the respondent to enter the date of death of their mother Ningamma wife of Late Kanakappa who died on 02/08/2004 at her residence Devasamudra village, Kampli taluk. WHEREAS, if any persons interested with respect to the above proceedings are hereby noticed to appear in this court in person or by pleader duly able to answer all material question relating to the said petition on 30/11/2024 at about 11-00 A.M, otherwise the matter will be heard and determined.

Given under my hand and seal of this court on this 25th day of September 2024

By order of the court.
From,	Shirestedar,
S.Chandrappa. Additional Senior Civil Judge & JMFC court, Hosapete
U.Gopal. R.Gopi
Advocates, Hosapete.
IN THE COURT OF THE HONOURABLE PRINCIPAL SENIOR CIVIL JUDGE AND J.M.F.C.HOSAPETE
Cri.M.C.No.103/2024
K.Muniyappa	....... Petitioner
-VS-
The Chief Officer-cum- Registrar of Birth& Deaths Purasabhe, Kamalapura Hosapete taluk,
......... Respondent
To,Whom so ever it may concern.

WHEREAS the above named petitioner K.Muniyappa son of Late Neelamma aged about 60 years, R/o H.No143?, behind A.C Office, Gandhi colony, Hosapete, Hosapete taluk, Vijayanagara district has filed the petition under section 13(3) of Registration of birth and death Act, seeking the direction of this court to issue direction to the respondent to enter the date of death of his mother Neelamma D/o Late Sanna Huligemma as who died on 17/07/1984 at her residence at Kamalapura, Hosapete taluk. WHEREAS, if any persons interested with respect to the above proceedings are hereby noticed to appear in this court in person or by pleader duly able to answer all material question relating to the said petition on 23/10/2024 at about 11-00 A.M, otherwise the matter will be heard and determined.

Given under my hand and seal of this court on this 26th day of 09/2024.

By order of the court
From	Shirastedar
H.Venkateshalu. Principal Senior Civil Judge & JMFC court, Hosapete
Advocate, Hosapete.
